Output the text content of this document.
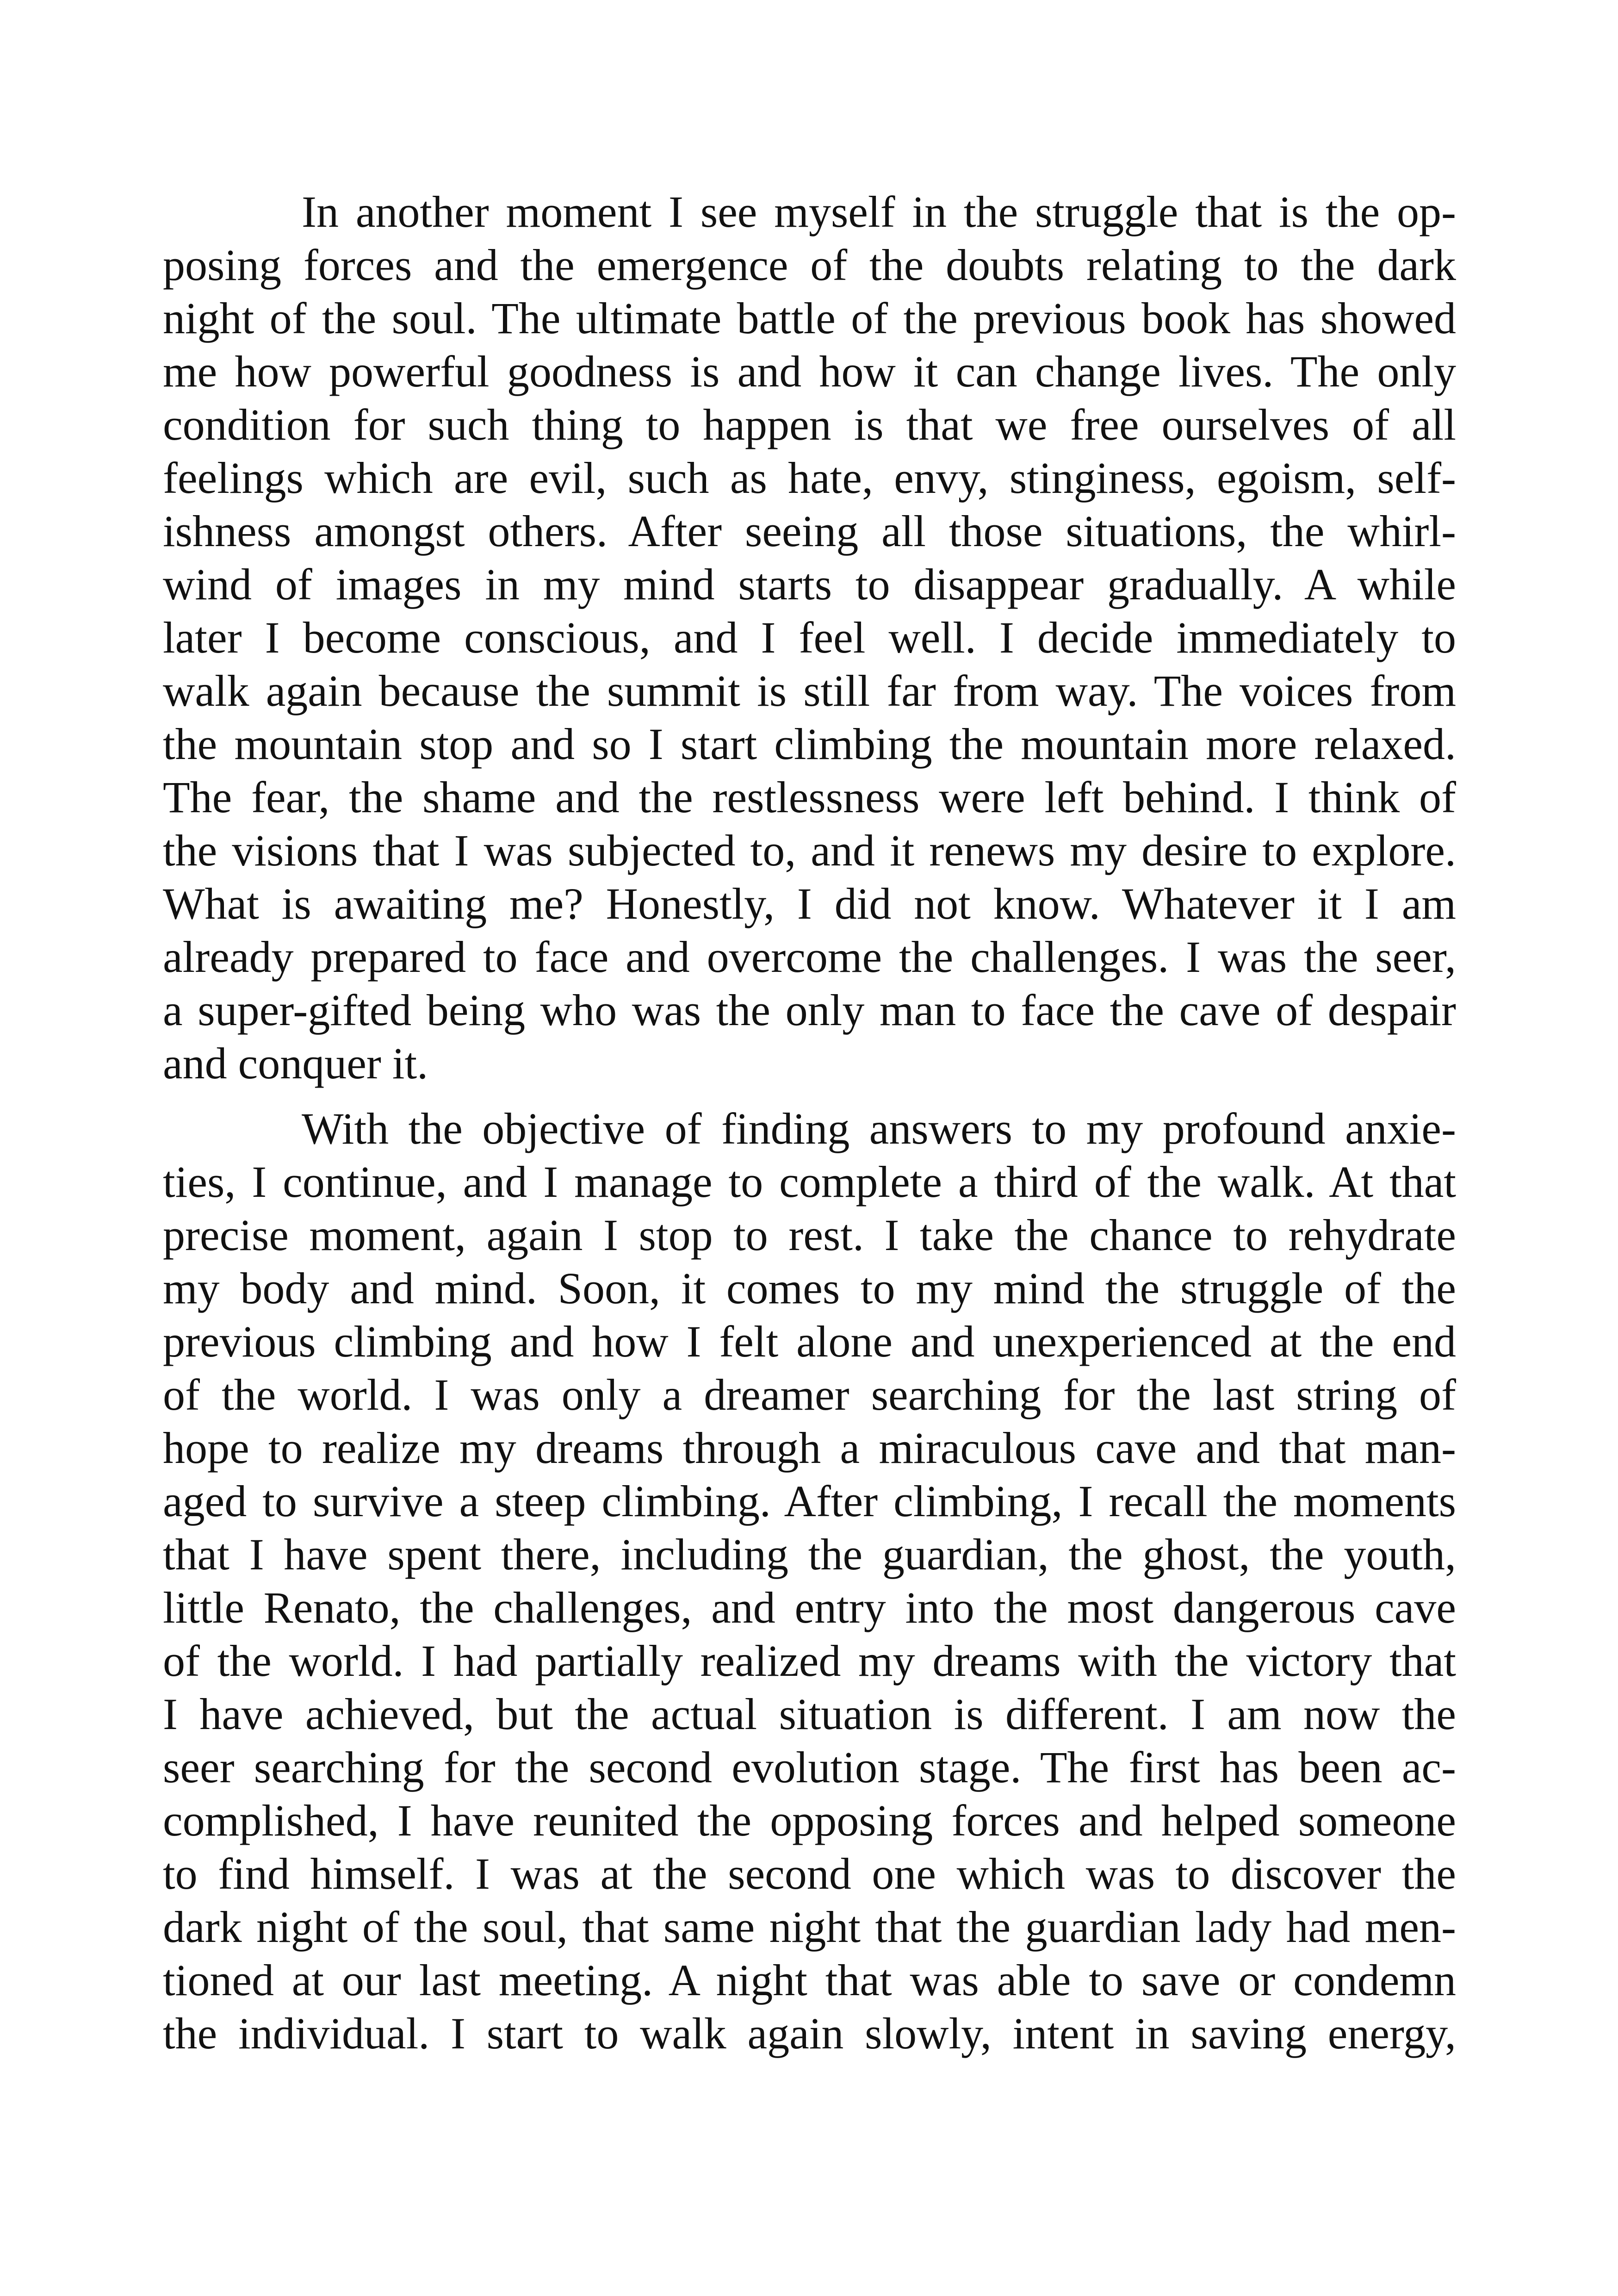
In another moment I see myself in the struggle that is the op-
posing forces and the emergence of the doubts relating to the dark
night of the soul. The ultimate battle of the previous book has showed
me how powerful goodness is and how it can change lives. The only
condition for such thing to happen is that we free ourselves of all
feelings which are evil, such as hate, envy, stinginess, egoism, self-
ishness amongst others. After seeing all those situations, the whirl-
wind of images in my mind starts to disappear gradually. A while
later I become conscious, and I feel well. I decide immediately to
walk again because the summit is still far from way. The voices from
the mountain stop and so I start climbing the mountain more relaxed.
The fear, the shame and the restlessness were left behind. I think of
the visions that I was subjected to, and it renews my desire to explore.
What is awaiting me? Honestly, I did not know. Whatever it I am
already prepared to face and overcome the challenges. I was the seer,
a super-gifted being who was the only man to face the cave of despair
and conquer it.
With the objective of finding answers to my profound anxie-
ties, I continue, and I manage to complete a third of the walk. At that
precise moment, again I stop to rest. I take the chance to rehydrate
my body and mind. Soon, it comes to my mind the struggle of the
previous climbing and how I felt alone and unexperienced at the end
of the world. I was only a dreamer searching for the last string of
hope to realize my dreams through a miraculous cave and that man-
aged to survive a steep climbing. After climbing, I recall the moments
that I have spent there, including the guardian, the ghost, the youth,
little Renato, the challenges, and entry into the most dangerous cave
of the world. I had partially realized my dreams with the victory that
I have achieved, but the actual situation is different. I am now the
seer searching for the second evolution stage. The first has been ac-
complished, I have reunited the opposing forces and helped someone
to find himself. I was at the second one which was to discover the
dark night of the soul, that same night that the guardian lady had men-
tioned at our last meeting. A night that was able to save or condemn
the individual. I start to walk again slowly, intent in saving energy,
